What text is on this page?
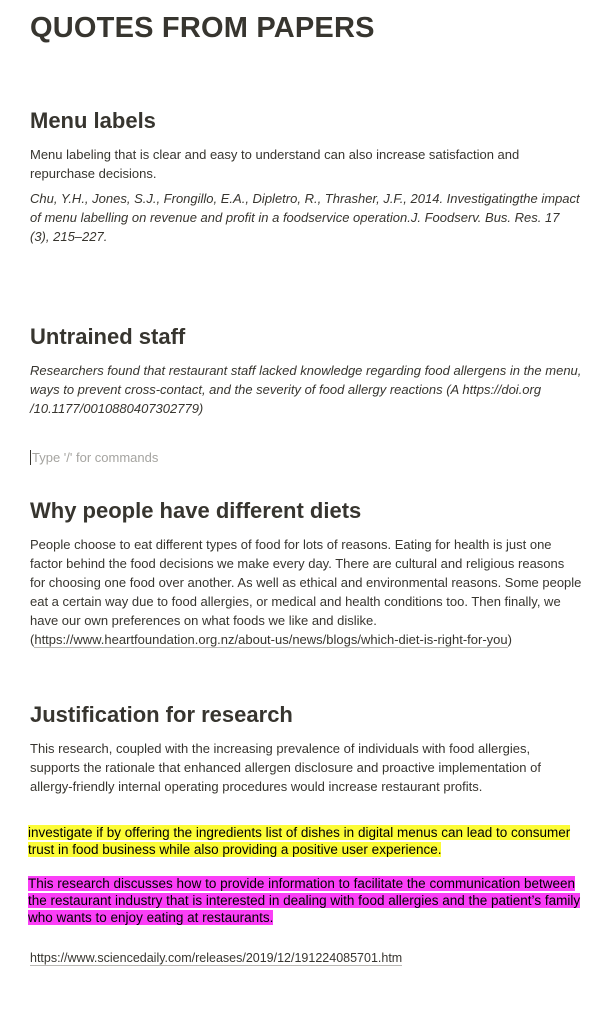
QUOTES FROM PAPERS
Menu labels

Menu labeling that is clear and easy to understand can also increase satisfaction and repurchase decisions.

Chu, Y.H., Jones, S.J., Frongillo, E.A., Dipletro, R., Thrasher, J.F., 2014. Investigatingthe impact of menu labelling on revenue and profit in a foodservice operation.J. Foodserv. Bus. Res. 17 (3), 215–227.

Untrained staff

Researchers found that restaurant staff lacked knowledge regarding food allergens in the menu, ways to prevent cross-contact, and the severity of food allergy reactions (A https://doi.org /10.1177/0010880407302779)

Type '/' for commands
Why people have different diets
People choose to eat different types of food for lots of reasons. Eating for health is just one factor behind the food decisions we make every day. There are cultural and religious reasons for choosing one food over another. As well as ethical and environmental reasons. Some people eat a certain way due to food allergies, or medical and health conditions too. Then finally, we have our own preferences on what foods we like and dislike.
(https://www.heartfoundation.org.nz/about-us/news/blogs/which-diet-is-right-for-you)
Justification for research

This research, coupled with the increasing prevalence of individuals with food allergies, supports the rationale that enhanced allergen disclosure and proactive implementation of allergy-friendly internal operating procedures would increase restaurant profits.

investigate if by offering the ingredients list of dishes in digital menus can lead to consumer trust in food business while also providing a positive user experience.

This research discusses how to provide information to facilitate the communication between the restaurant industry that is interested in dealing with food allergies and the patient’s family who wants to enjoy eating at restaurants.

https://www.sciencedaily.com/releases/2019/12/191224085701.htm
